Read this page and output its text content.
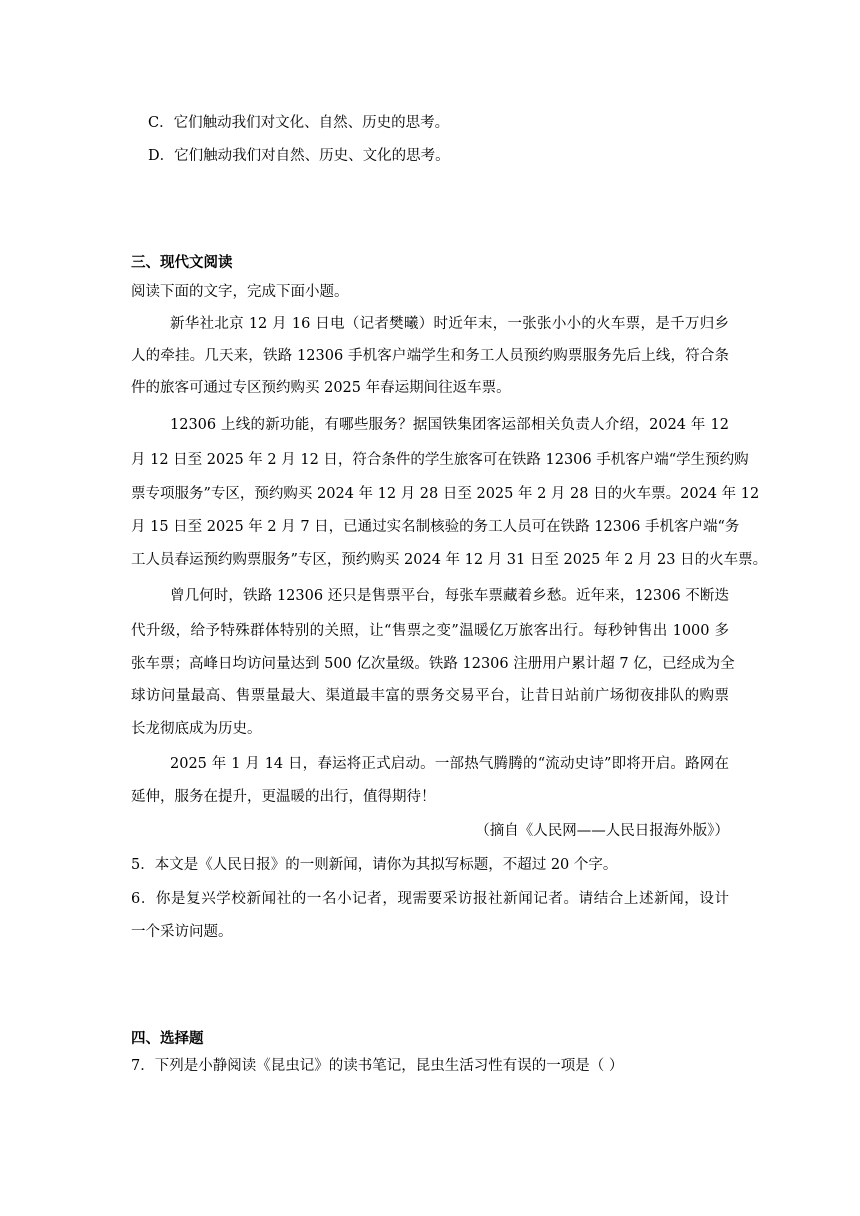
C．它们触动我们对文化、自然、历史的思考。
D．它们触动我们对自然、历史、文化的思考。
三、现代文阅读
阅读下面的文字，完成下面小题。
新华社北京 12 月 16 日电（记者樊曦）时近年末，一张张小小的火车票，是千万归乡
人的牵挂。几天来，铁路 12306 手机客户端学生和务工人员预约购票服务先后上线，符合条
件的旅客可通过专区预约购买 2025 年春运期间往返车票。
12306 上线的新功能，有哪些服务？据国铁集团客运部相关负责人介绍，2024 年 12
月 12 日至 2025 年 2 月 12 日，符合条件的学生旅客可在铁路 12306 手机客户端“学生预约购
票专项服务”专区，预约购买 2024 年 12 月 28 日至 2025 年 2 月 28 日的火车票。2024 年 12
月 15 日至 2025 年 2 月 7 日，已通过实名制核验的务工人员可在铁路 12306 手机客户端“务
工人员春运预约购票服务”专区，预约购买 2024 年 12 月 31 日至 2025 年 2 月 23 日的火车票。
曾几何时，铁路 12306 还只是售票平台，每张车票藏着乡愁。近年来，12306 不断迭
代升级，给予特殊群体特别的关照，让“售票之变”温暖亿万旅客出行。每秒钟售出 1000 多
张车票；高峰日均访问量达到 500 亿次量级。铁路 12306 注册用户累计超 7 亿，已经成为全
球访问量最高、售票量最大、渠道最丰富的票务交易平台，让昔日站前广场彻夜排队的购票
长龙彻底成为历史。
2025 年 1 月 14 日，春运将正式启动。一部热气腾腾的“流动史诗”即将开启。路网在
延伸，服务在提升，更温暖的出行，值得期待！
（摘自《人民网——人民日报海外版》）
5．本文是《人民日报》的一则新闻，请你为其拟写标题，不超过 20 个字。
6．你是复兴学校新闻社的一名小记者，现需要采访报社新闻记者。请结合上述新闻，设计
一个采访问题。
四、选择题
7．下列是小静阅读《昆虫记》的读书笔记，昆虫生活习性有误的一项是（ ）
